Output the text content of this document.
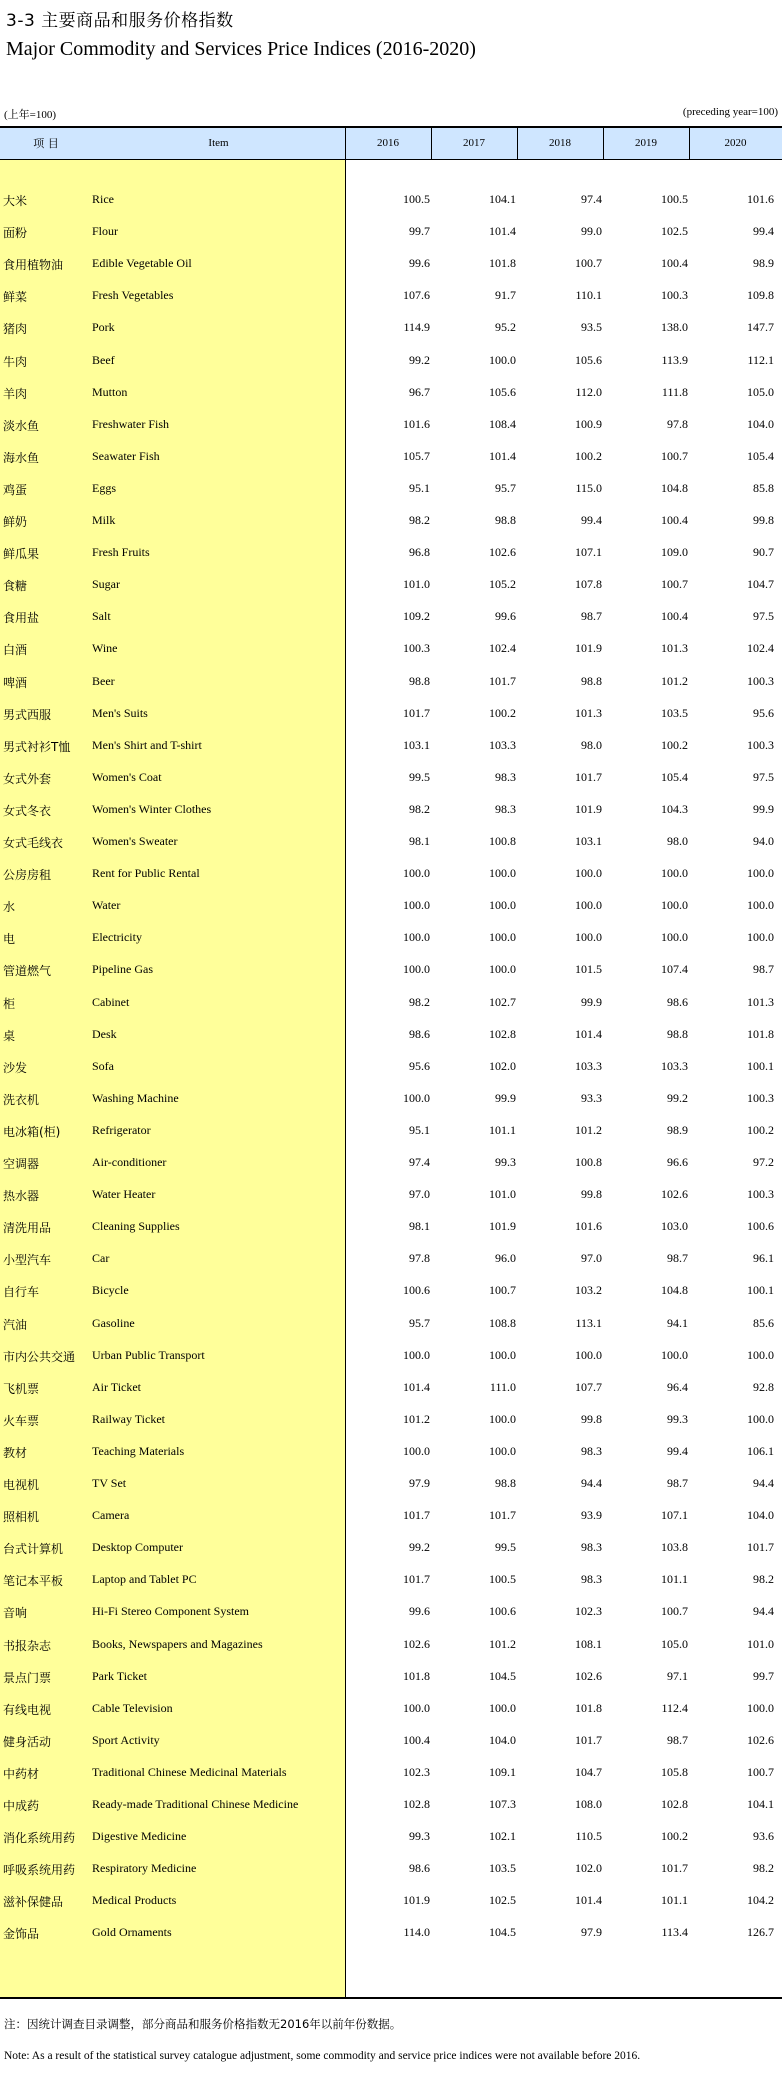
3-3 主要商品和服务价格指数
Major Commodity and Services Price Indices (2016-2020)
(上年=100)	(preceding year=100)
项 目	Item	2016	2017	2018	2019	2020
大米	Rice	100.5	104.1	97.4	100.5	101.6
面粉	Flour	99.7	101.4	99.0	102.5	99.4
食用植物油 Edible Vegetable Oil	99.6	101.8	100.7	100.4	98.9
鲜菜	Fresh Vegetables	107.6	91.7	110.1	100.3	109.8
猪肉	Pork	114.9	95.2	93.5	138.0	147.7
牛肉	Beef	99.2	100.0	105.6	113.9	112.1
羊肉	Mutton	96.7	105.6	112.0	111.8	105.0
淡水鱼	Freshwater Fish	101.6	108.4	100.9	97.8	104.0
海水鱼	Seawater Fish	105.7	101.4	100.2	100.7	105.4
鸡蛋	Eggs	95.1	95.7	115.0	104.8	85.8
鲜奶	Milk	98.2	98.8	99.4	100.4	99.8
鲜瓜果	Fresh Fruits	96.8	102.6	107.1	109.0	90.7
食糖	Sugar	101.0	105.2	107.8	100.7	104.7
食用盐	Salt	109.2	99.6	98.7	100.4	97.5
白酒	Wine	100.3	102.4	101.9	101.3	102.4
啤酒	Beer	98.8	101.7	98.8	101.2	100.3
男式西服	Men's Suits	101.7	100.2	101.3	103.5	95.6
男式衬衫T恤 Men's Shirt and T-shirt	103.1	103.3	98.0	100.2	100.3
女式外套	Women's Coat	99.5	98.3	101.7	105.4	97.5
女式冬衣	Women's Winter Clothes	98.2	98.3	101.9	104.3	99.9
女式毛线衣 Women's Sweater	98.1	100.8	103.1	98.0	94.0
公房房租	Rent for Public Rental	100.0	100.0	100.0	100.0	100.0
水	Water	100.0	100.0	100.0	100.0	100.0
电	Electricity	100.0	100.0	100.0	100.0	100.0
管道燃气	Pipeline Gas	100.0	100.0	101.5	107.4	98.7
柜	Cabinet	98.2	102.7	99.9	98.6	101.3
桌	Desk	98.6	102.8	101.4	98.8	101.8
沙发	Sofa	95.6	102.0	103.3	103.3	100.1
洗衣机	Washing Machine	100.0	99.9	93.3	99.2	100.3
电冰箱(柜)	Refrigerator	95.1	101.1	101.2	98.9	100.2
空调器	Air-conditioner	97.4	99.3	100.8	96.6	97.2
热水器	Water Heater	97.0	101.0	99.8	102.6	100.3
清洗用品	Cleaning Supplies	98.1	101.9	101.6	103.0	100.6
小型汽车	Car	97.8	96.0	97.0	98.7	96.1
自行车	Bicycle	100.6	100.7	103.2	104.8	100.1
汽油	Gasoline	95.7	108.8	113.1	94.1	85.6
市内公共交通 Urban Public Transport	100.0	100.0	100.0	100.0	100.0
飞机票	Air Ticket	101.4	111.0	107.7	96.4	92.8
火车票	Railway Ticket	101.2	100.0	99.8	99.3	100.0
教材	Teaching Materials	100.0	100.0	98.3	99.4	106.1
电视机	TV Set	97.9	98.8	94.4	98.7	94.4
照相机	Camera	101.7	101.7	93.9	107.1	104.0
台式计算机 Desktop Computer	99.2	99.5	98.3	103.8	101.7
笔记本平板 Laptop and Tablet PC	101.7	100.5	98.3	101.1	98.2
音响	Hi-Fi Stereo Component System	99.6	100.6	102.3	100.7	94.4
书报杂志	Books, Newspapers and Magazines	102.6	101.2	108.1	105.0	101.0
景点门票	Park Ticket	101.8	104.5	102.6	97.1	99.7
有线电视	Cable Television	100.0	100.0	101.8	112.4	100.0
健身活动	Sport Activity	100.4	104.0	101.7	98.7	102.6
中药材	Traditional Chinese Medicinal Materials	102.3	109.1	104.7	105.8	100.7
中成药	Ready-made Traditional Chinese Medicine	102.8	107.3	108.0	102.8	104.1
消化系统用药 Digestive Medicine	99.3	102.1	110.5	100.2	93.6
呼吸系统用药 Respiratory Medicine	98.6	103.5	102.0	101.7	98.2
滋补保健品 Medical Products	101.9	102.5	101.4	101.1	104.2
金饰品	Gold Ornaments	114.0	104.5	97.9	113.4	126.7
注：因统计调查目录调整，部分商品和服务价格指数无2016年以前年份数据。
Note: As a result of the statistical survey catalogue adjustment, some commodity and service price indices were not available before 2016.
